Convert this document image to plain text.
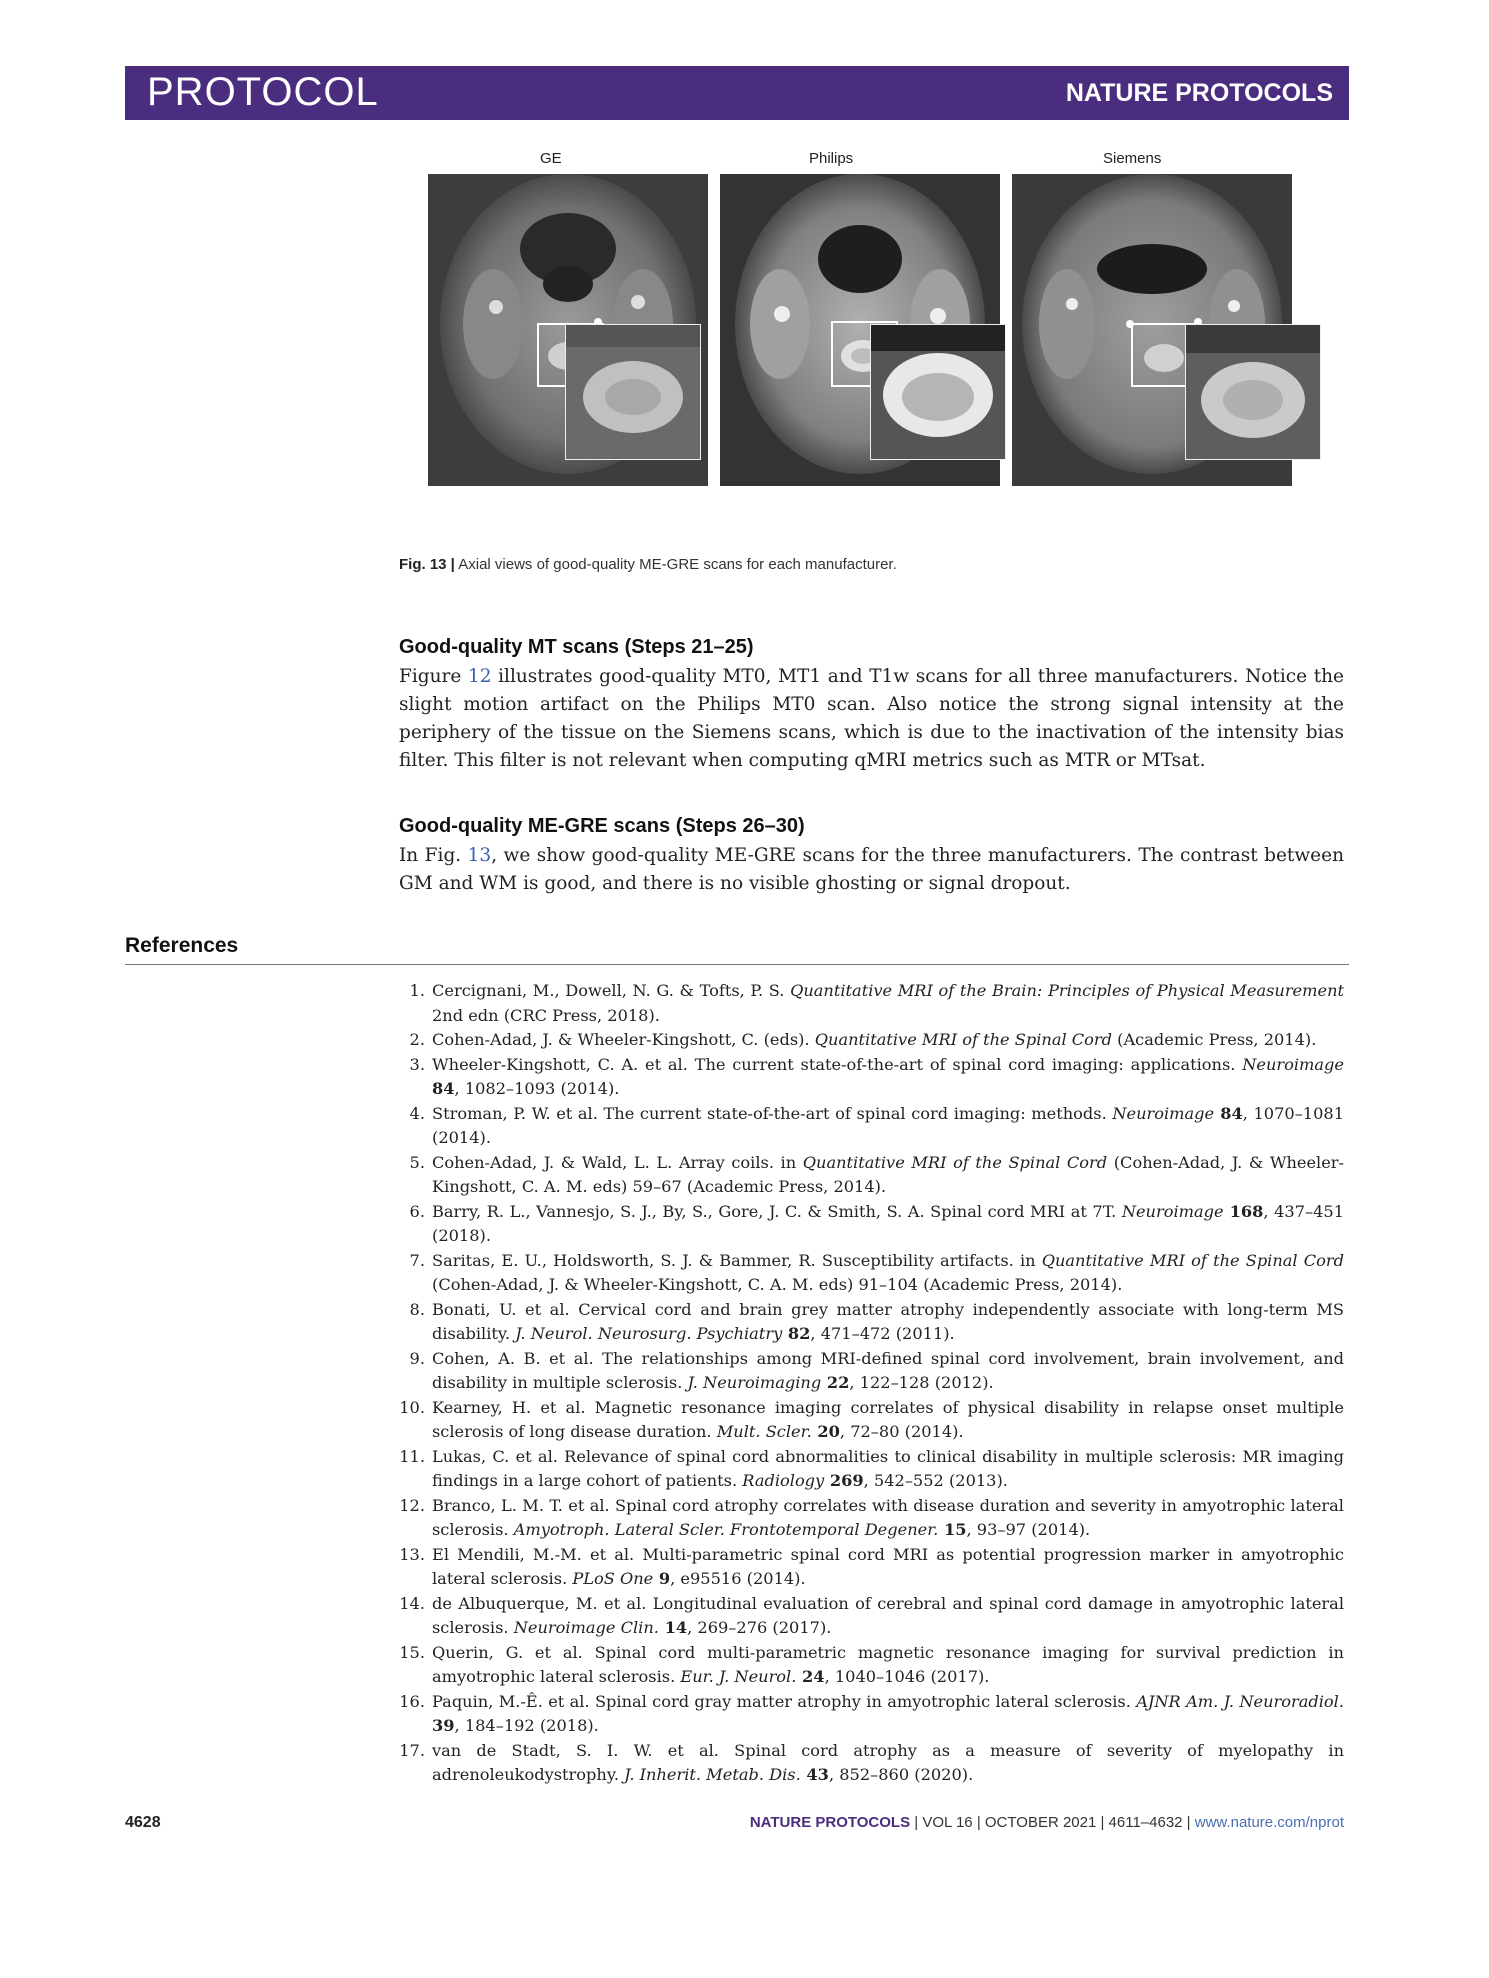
PROTOCOL	NATURE PROTOCOLS
GE	Philips	Siemens
Fig. 13 | Axial views of good-quality ME-GRE scans for each manufacturer.
Good-quality MT scans (Steps 21–25)
Figure 12 illustrates good-quality MT0, MT1 and T1w scans for all three manufacturers. Notice the slight motion artifact on the Philips MT0 scan. Also notice the strong signal intensity at the periphery of the tissue on the Siemens scans, which is due to the inactivation of the intensity bias filter. This filter is not relevant when computing qMRI metrics such as MTR or MTsat.
Good-quality ME-GRE scans (Steps 26–30)
In Fig. 13, we show good-quality ME-GRE scans for the three manufacturers. The contrast between GM and WM is good, and there is no visible ghosting or signal dropout.
References
1. Cercignani, M., Dowell, N. G. & Tofts, P. S. Quantitative MRI of the Brain: Principles of Physical Measurement 2nd edn (CRC Press, 2018).
2. Cohen-Adad, J. & Wheeler-Kingshott, C. (eds). Quantitative MRI of the Spinal Cord (Academic Press, 2014).
3. Wheeler-Kingshott, C. A. et al. The current state-of-the-art of spinal cord imaging: applications. Neuroimage 84, 1082–1093 (2014).
4. Stroman, P. W. et al. The current state-of-the-art of spinal cord imaging: methods. Neuroimage 84, 1070–1081 (2014).
5. Cohen-Adad, J. & Wald, L. L. Array coils. in Quantitative MRI of the Spinal Cord (Cohen-Adad, J. & Wheeler-Kingshott, C. A. M. eds) 59–67 (Academic Press, 2014).
6. Barry, R. L., Vannesjo, S. J., By, S., Gore, J. C. & Smith, S. A. Spinal cord MRI at 7T. Neuroimage 168, 437–451 (2018).
7. Saritas, E. U., Holdsworth, S. J. & Bammer, R. Susceptibility artifacts. in Quantitative MRI of the Spinal Cord (Cohen-Adad, J. & Wheeler-Kingshott, C. A. M. eds) 91–104 (Academic Press, 2014).
8. Bonati, U. et al. Cervical cord and brain grey matter atrophy independently associate with long-term MS disability. J. Neurol. Neurosurg. Psychiatry 82, 471–472 (2011).
9. Cohen, A. B. et al. The relationships among MRI-defined spinal cord involvement, brain involvement, and disability in multiple sclerosis. J. Neuroimaging 22, 122–128 (2012).
10. Kearney, H. et al. Magnetic resonance imaging correlates of physical disability in relapse onset multiple sclerosis of long disease duration. Mult. Scler. 20, 72–80 (2014).
11. Lukas, C. et al. Relevance of spinal cord abnormalities to clinical disability in multiple sclerosis: MR imaging findings in a large cohort of patients. Radiology 269, 542–552 (2013).
12. Branco, L. M. T. et al. Spinal cord atrophy correlates with disease duration and severity in amyotrophic lateral sclerosis. Amyotroph. Lateral Scler. Frontotemporal Degener. 15, 93–97 (2014).
13. El Mendili, M.-M. et al. Multi-parametric spinal cord MRI as potential progression marker in amyotrophic lateral sclerosis. PLoS One 9, e95516 (2014).
14. de Albuquerque, M. et al. Longitudinal evaluation of cerebral and spinal cord damage in amyotrophic lateral sclerosis. Neuroimage Clin. 14, 269–276 (2017).
15. Querin, G. et al. Spinal cord multi-parametric magnetic resonance imaging for survival prediction in amyotrophic lateral sclerosis. Eur. J. Neurol. 24, 1040–1046 (2017).
16. Paquin, M.-Ê. et al. Spinal cord gray matter atrophy in amyotrophic lateral sclerosis. AJNR Am. J. Neuroradiol. 39, 184–192 (2018).
17. van de Stadt, S. I. W. et al. Spinal cord atrophy as a measure of severity of myelopathy in adrenoleukodystrophy. J. Inherit. Metab. Dis. 43, 852–860 (2020).
4628	NATURE PROTOCOLS | VOL 16 | OCTOBER 2021 | 4611–4632 | www.nature.com/nprot
